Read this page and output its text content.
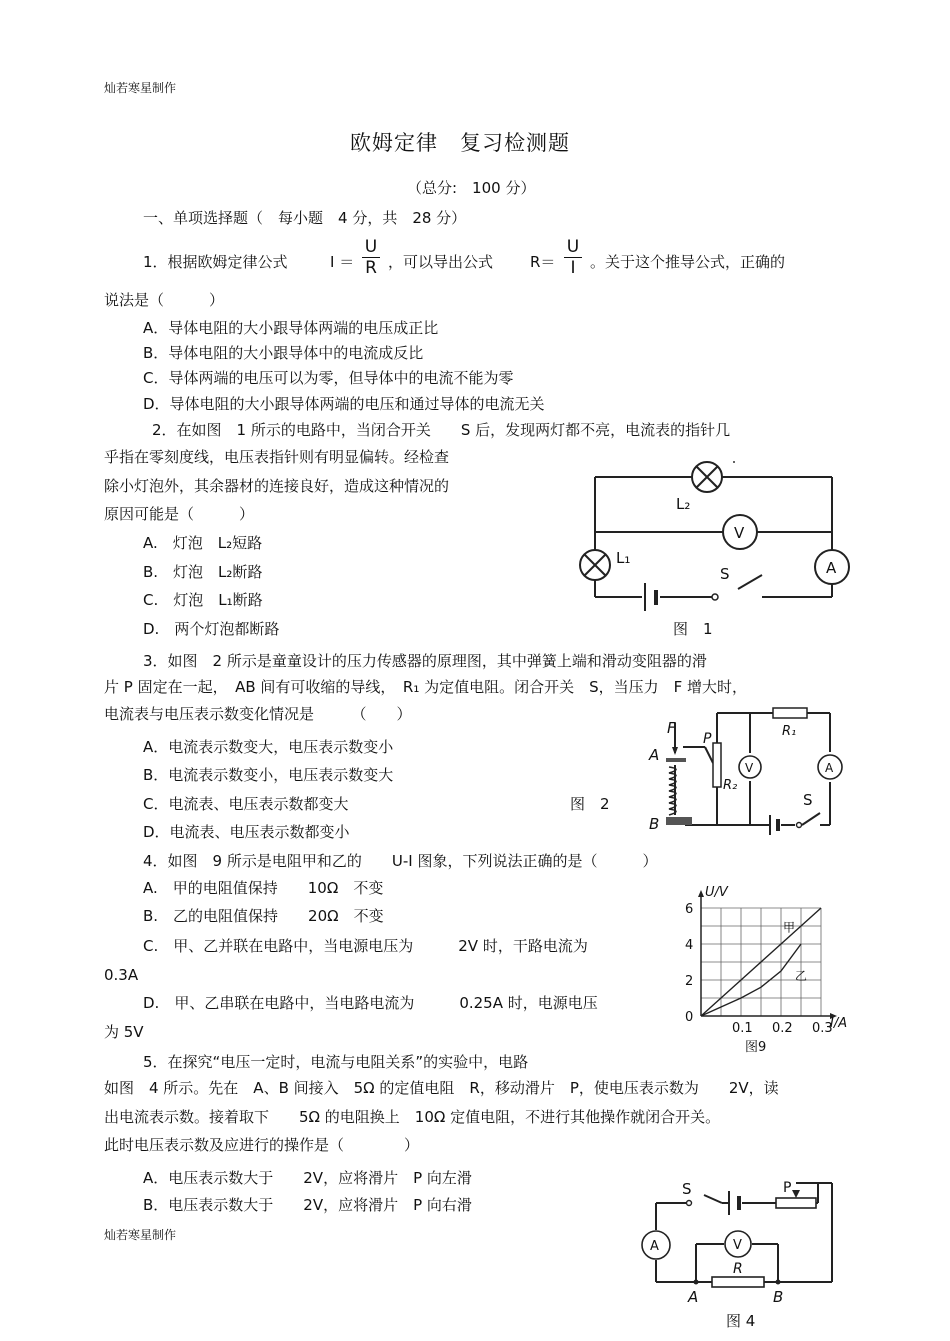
灿若寒星制作
欧姆定律　复习检测题
（总分:　100 分）
一、单项选择题（　每小题　4 分，共　28 分）
1．根据欧姆定律公式	I ＝
U
R ，可以导出公式 R＝
U
I 。关于这个推导公式，正确的
说法是（　　　）
A．导体电阻的大小跟导体两端的电压成正比
B．导体电阻的大小跟导体中的电流成反比
C．导体两端的电压可以为零，但导体中的电流不能为零
D．导体电阻的大小跟导体两端的电压和通过导体的电流无关
2．在如图　1 所示的电路中，当闭合开关　　S 后，发现两灯都不亮，电流表的指针几
乎指在零刻度线，电压表指针则有明显偏转。经检查
除小灯泡外，其余器材的连接良好，造成这种情况的
原因可能是（　　　）
A.　灯泡　L₂短路
B.　灯泡　L₂断路
C.　灯泡　L₁断路
D.　两个灯泡都断路	图　1
L₂
V
L₁
A
S
3．如图　2 所示是童童设计的压力传感器的原理图，其中弹簧上端和滑动变阻器的滑
片 P 固定在一起，　AB 间有可收缩的导线，　R₁ 为定值电阻。闭合开关　S，当压力　F 增大时，
电流表与电压表示数变化情况是　　　（　　）
A．电流表示数变大，电压表示数变小
B．电流表示数变小，电压表示数变大
C．电流表、电压表示数都变大	图　2
D．电流表、电压表示数都变小
F
A
B
P
R₂
R₁
V	A
S
4．如图　9 所示是电阻甲和乙的　　U-I 图象，下列说法正确的是（　　　）
A.　甲的电阻值保持　　10Ω　不变
B.　乙的电阻值保持　　20Ω　不变
C.　甲、乙并联在电路中，当电源电压为　　　2V 时，干路电流为
0.3A
D.　甲、乙串联在电路中，当电路电流为　　　0.25A 时，电源电压
为 5V
甲
乙
0.1 0.2 0.3
0
2
4
6
U/V
I/A
图9
5．在探究“电压一定时，电流与电阻关系”的实验中，电路
如图　4 所示。先在　A、B 间接入　5Ω 的定值电阻　R，移动滑片　P，使电压表示数为　　2V，读
出电流表示数。接着取下　　5Ω 的电阻换上　10Ω 定值电阻，不进行其他操作就闭合开关。
此时电压表示数及应进行的操作是（　　　　）
A．电压表示数大于　　2V，应将滑片　P 向左滑
B．电压表示数大于　　2V，应将滑片　P 向右滑
灿若寒星制作
S	P
A	V
R
A	B
图 4
